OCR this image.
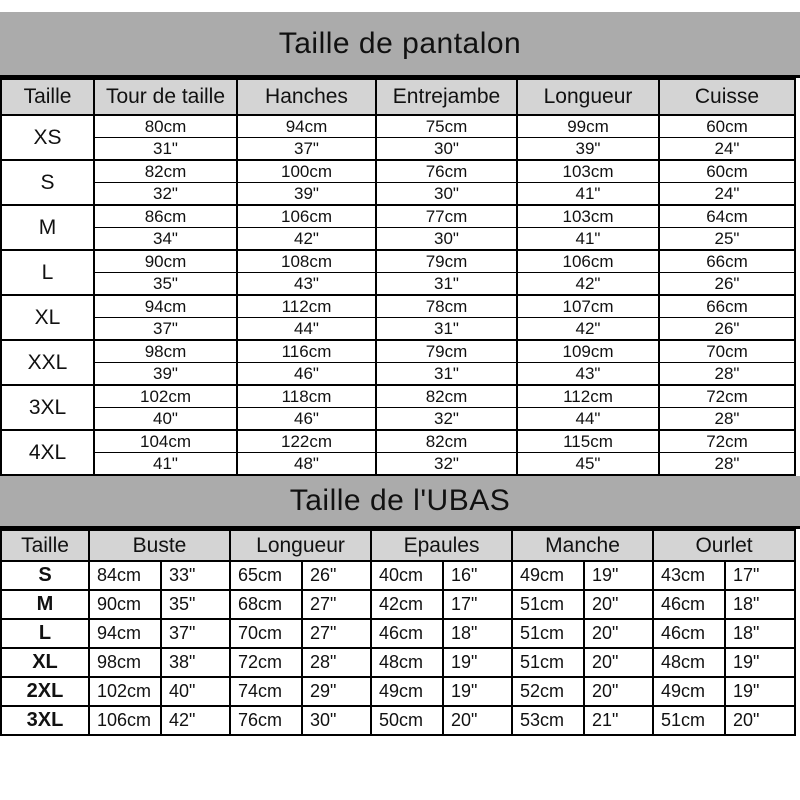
Taille de pantalon
Taille	Tour de taille	Hanches	Entrejambe	Longueur	Cuisse
XS	80cm	94cm	75cm	99cm	60cm
	31"	37"	30"	39"	24"
S	82cm	100cm	76cm	103cm	60cm
	32"	39"	30"	41"	24"
M	86cm	106cm	77cm	103cm	64cm
	34"	42"	30"	41"	25"
L	90cm	108cm	79cm	106cm	66cm
	35"	43"	31"	42"	26"
XL	94cm	112cm	78cm	107cm	66cm
	37"	44"	31"	42"	26"
XXL	98cm	116cm	79cm	109cm	70cm
	39"	46"	31"	43"	28"
3XL	102cm	118cm	82cm	112cm	72cm
	40"	46"	32"	44"	28"
4XL	104cm	122cm	82cm	115cm	72cm
	41"	48"	32"	45"	28"
Taille de l'UBAS
Taille	Buste		Longueur		Epaules		Manche		Ourlet	
S	84cm	33"	65cm	26"	40cm	16"	49cm	19"	43cm	17"
M	90cm	35"	68cm	27"	42cm	17"	51cm	20"	46cm	18"
L	94cm	37"	70cm	27"	46cm	18"	51cm	20"	46cm	18"
XL	98cm	38"	72cm	28"	48cm	19"	51cm	20"	48cm	19"
2XL	102cm	40"	74cm	29"	49cm	19"	52cm	20"	49cm	19"
3XL	106cm	42"	76cm	30"	50cm	20"	53cm	21"	51cm	20"
